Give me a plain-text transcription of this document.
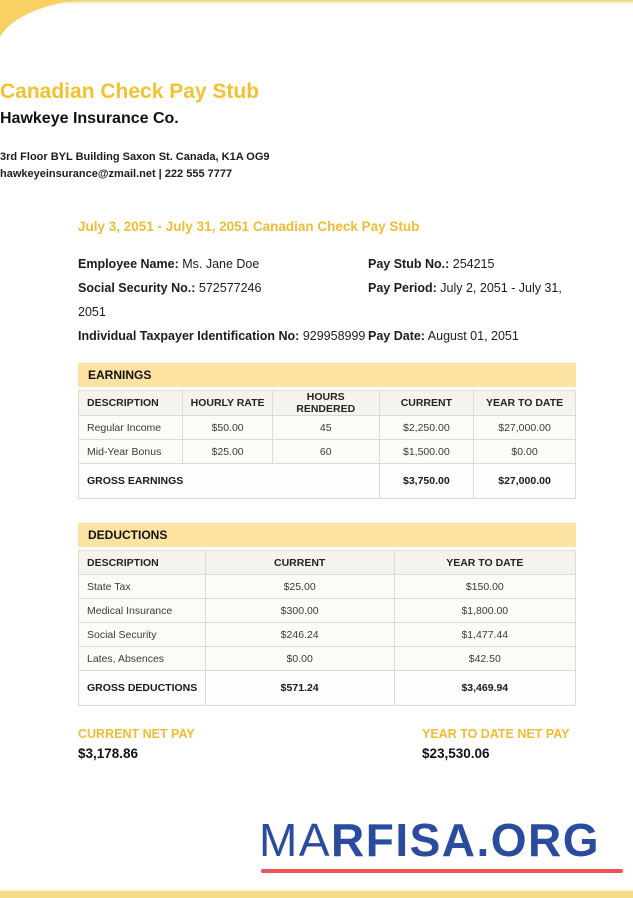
Canadian Check Pay Stub
Hawkeye Insurance Co.
3rd Floor BYL Building Saxon St. Canada, K1A OG9
hawkeyeinsurance@zmail.net | 222 555 7777
July 3, 2051 - July 31, 2051 Canadian Check Pay Stub
Employee Name: Ms. Jane Doe	Pay Stub No.: 254215
Social Security No.: 572577246	Pay Period: July 2, 2051 - July 31,
2051
Individual Taxpayer Identification No: 929958999 Pay Date: August 01, 2051
EARNINGS
DESCRIPTION	HOURLY RATE	HOURS RENDERED	CURRENT	YEAR TO DATE
Regular Income	$50.00	45	$2,250.00	$27,000.00
Mid-Year Bonus	$25.00	60	$1,500.00	$0.00
GROSS EARNINGS			$3,750.00	$27,000.00
DEDUCTIONS
DESCRIPTION	CURRENT	YEAR TO DATE
State Tax	$25.00	$150.00
Medical Insurance	$300.00	$1,800.00
Social Security	$246.24	$1,477.44
Lates, Absences	$0.00	$42.50
GROSS DEDUCTIONS	$571.24	$3,469.94
CURRENT NET PAY
$3,178.86
YEAR TO DATE NET PAY
$23,530.06
MARFISA.ORG
